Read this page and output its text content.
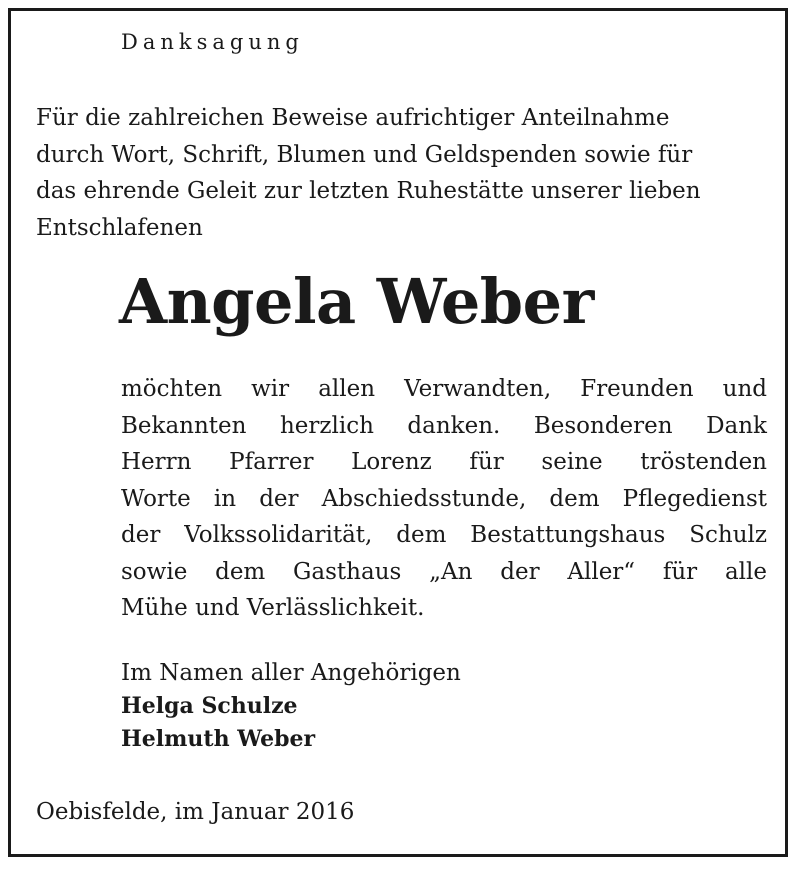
Danksagung

Für die zahlreichen Beweise aufrichtiger Anteilnahme
durch Wort, Schrift, Blumen und Geldspenden sowie für
das ehrende Geleit zur letzten Ruhestätte unserer lieben
Entschlafenen

Angela Weber
möchten wir allen Verwandten, Freunden und
Bekannten herzlich danken. Besonderen Dank
Herrn Pfarrer Lorenz für seine tröstenden
Worte in der Abschiedsstunde, dem Pflegedienst
der Volkssolidarität, dem Bestattungshaus Schulz
sowie dem Gasthaus „An der Aller“ für alle
Mühe und Verlässlichkeit.
Im Namen aller Angehörigen
Helga Schulze
Helmuth Weber
Oebisfelde, im Januar 2016
